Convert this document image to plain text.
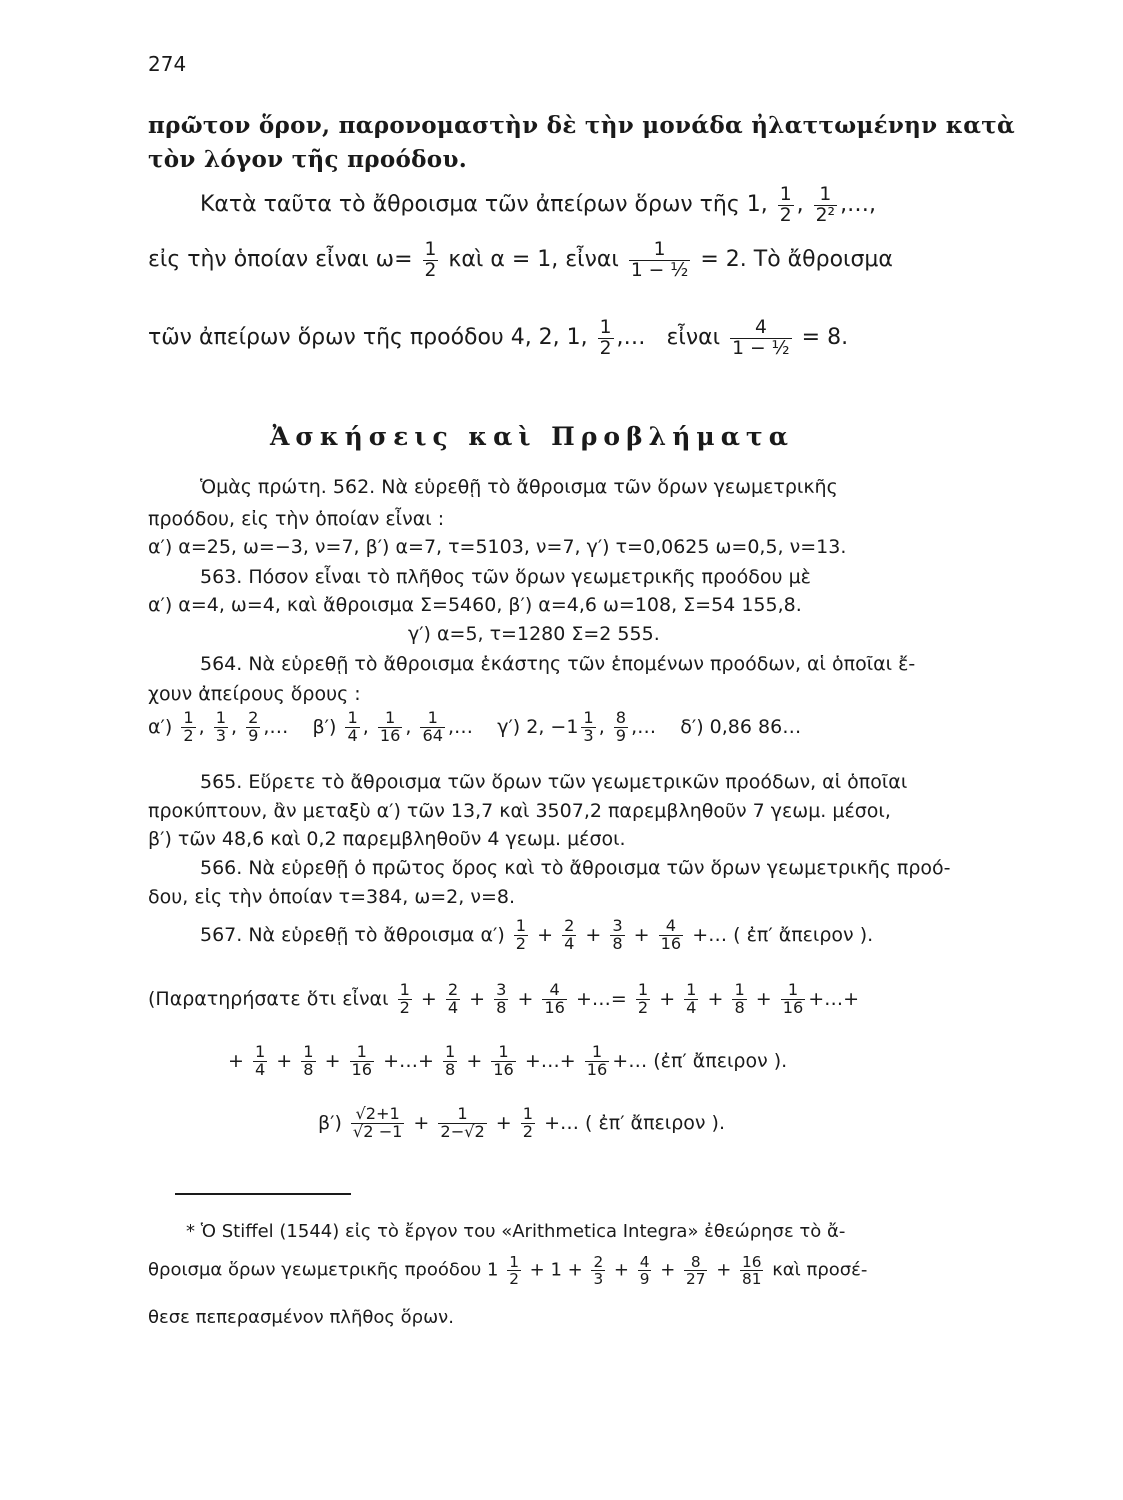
274
πρῶτον ὅρον, παρονομαστὴν δὲ τὴν μονάδα ἠλαττωμένην κατὰ
τὸν λόγον τῆς προόδου.
Κατὰ ταῦτα τὸ ἄθροισμα τῶν ἀπείρων ὅρων τῆς 1, $\frac{1}{2}$ , $\frac{1}{\text{2²}}$ ,…,
εἰς τὴν ὁποίαν εἶναι $\omega= \frac{1}{2}$ καὶ α = 1, εἶναι $\frac{1}{\text{1 − ½}} = 2$. Τὸ ἄθροισμα
τῶν ἀπείρων ὅρων τῆς προόδου 4, 2, 1, $\frac{1}{2}$ ,… εἶναι $\frac{4}{\text{1 − ½}} = 8$.
Ἀσκήσεις καὶ Προβλήματα
Ὁμὰς πρώτη. 562. Νὰ εὑρεθῇ τὸ ἄθροισμα τῶν ὅρων γεωμετρικῆς
προόδου, εἰς τὴν ὁποίαν εἶναι :
α′) α=25, ω=−3, ν=7, β′) α=7, τ=5103, ν=7, γ′) τ=0,0625 ω=0,5, ν=13.
563. Πόσον εἶναι τὸ πλῆθος τῶν ὅρων γεωμετρικῆς προόδου μὲ
α′) α=4, ω=4, καὶ ἄθροισμα Σ=5460, β′) α=4,6 ω=108, Σ=54 155,8.
γ′) α=5, τ=1280 Σ=2 555.
564. Νὰ εὑρεθῇ τὸ ἄθροισμα ἑκάστης τῶν ἑπομένων προόδων, αἱ ὁποῖαι ἔ-
χουν ἀπείρους ὅρους :
$\alpha') \frac{1}{2}$ , $\frac{1}{3}$ , $\frac{2}{9}$ ,…    $\beta') \frac{1}{4}$ , $\frac{1}{16}$ , $\frac{1}{64}$ ,…    γ′) 2, $-1 \frac{1}{3}$ , $\frac{8}{9}$ ,… δ′) 0,86 86…
565. Εὕρετε τὸ ἄθροισμα τῶν ὅρων τῶν γεωμετρικῶν προόδων, αἱ ὁποῖαι
προκύπτουν, ἂν μεταξὺ α′) τῶν 13,7 καὶ 3507,2 παρεμβληθοῦν 7 γεωμ. μέσοι,
β′) τῶν 48,6 καὶ 0,2 παρεμβληθοῦν 4 γεωμ. μέσοι.
566. Νὰ εὑρεθῇ ὁ πρῶτος ὅρος καὶ τὸ ἄθροισμα τῶν ὅρων γεωμετρικῆς προό-
δου, εἰς τὴν ὁποίαν τ=384, ω=2, ν=8.
567. Νὰ εὑρεθῇ τὸ ἄθροισμα $\alpha') \frac{1}{2} + \frac{2}{4} + \frac{3}{8} + \frac{4}{16}$ +… ( ἐπ′ ἄπειρον ).
(Παρατηρήσατε ὅτι εἶναι $\frac{1}{2} + \frac{2}{4} + \frac{3}{8} + \frac{4}{16}$ +…= $\frac{1}{2} + \frac{1}{4} + \frac{1}{8} + \frac{1}{16}$ +…+
+ $\frac{1}{4} + \frac{1}{8} + \frac{1}{16}$ +…+ $\frac{1}{8} + \frac{1}{16}$ +…+ $\frac{1}{16}$ +… (ἐπ′ ἄπειρον ).
$\beta') \frac{√2+1}{√2 -1} + \frac{1}{2-√2} + \frac{1}{2}$ +… ( ἐπ′ ἄπειρον ).
* Ὁ Stiffel (1544) εἰς τὸ ἔργον του «Arithmetica Integra» ἐθεώρησε τὸ ἄ-
θροισμα ὅρων γεωμετρικῆς προόδου $1 \frac{1}{2} + 1 + \frac{2}{3} + \frac{4}{9} + \frac{8}{27} + \frac{16}{81}$ καὶ προσέ-
θεσε πεπερασμένον πλῆθος ὅρων.
